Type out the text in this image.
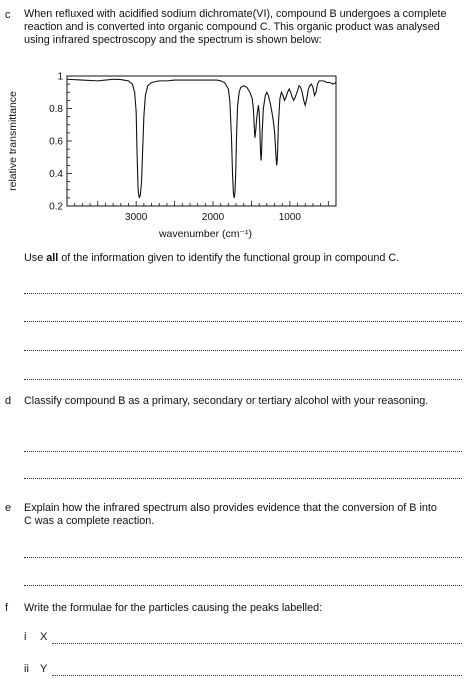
c When refluxed with acidified sodium dichromate(VI), compound B undergoes a complete reaction and is converted into organic compound C. This organic product was analysed using infrared spectroscopy and the spectrum is shown below:
1
0.8
0.6
0.4
0.2
3000	2000	1000
relative transmittance
wavenumber (cm⁻¹)
Use all of the information given to identify the functional group in compound C.
d Classify compound B as a primary, secondary or tertiary alcohol with your reasoning.
e Explain how the infrared spectrum also provides evidence that the conversion of B into C was a complete reaction.
f Write the formulae for the particles causing the peaks labelled:
i X
ii Y
